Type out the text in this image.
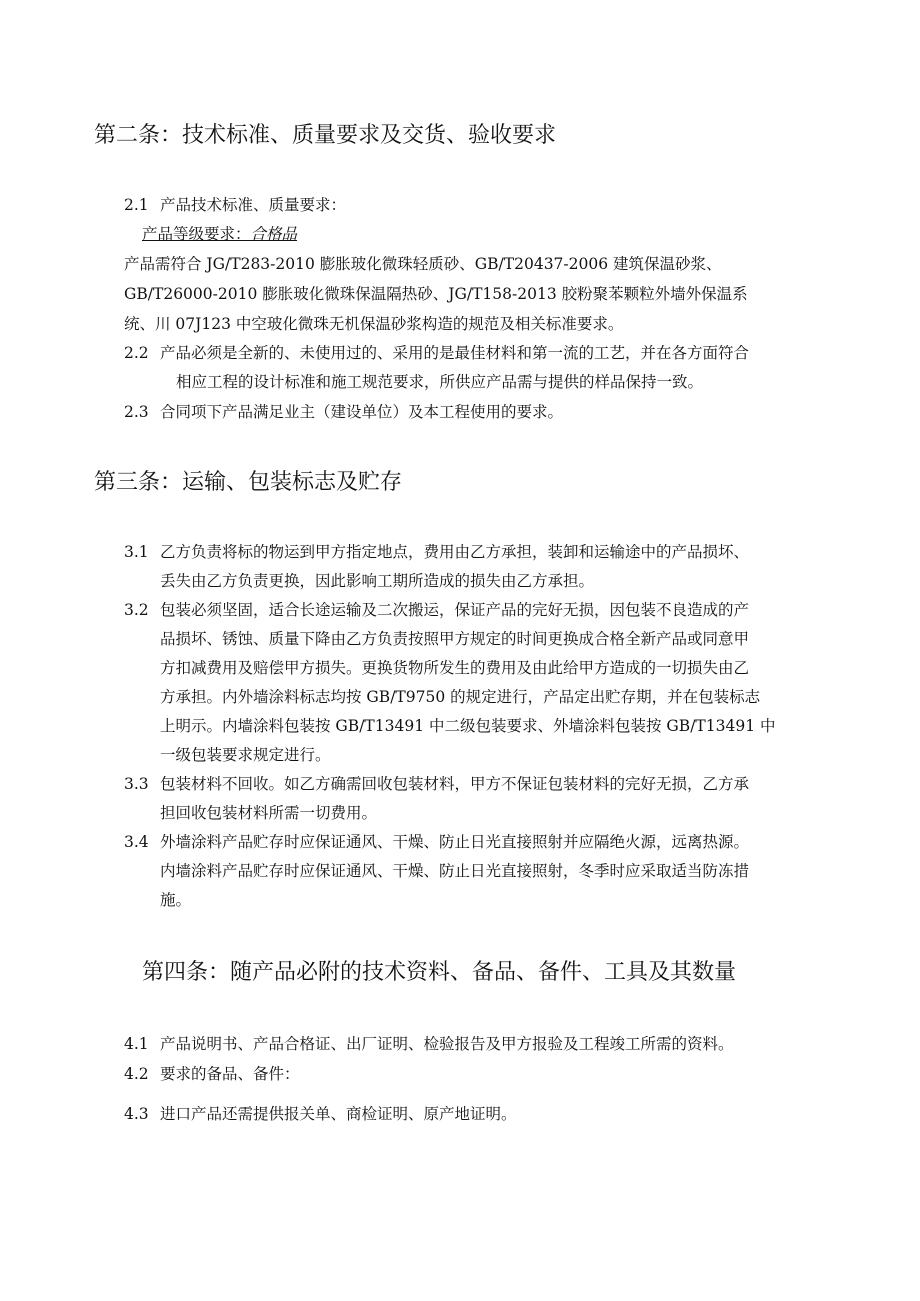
第二条：技术标准、质量要求及交货、验收要求
2.1 产品技术标准、质量要求：
产品等级要求：合格品
产品需符合 JG/T283-2010 膨胀玻化微珠轻质砂、GB/T20437-2006 建筑保温砂浆、
GB/T26000-2010 膨胀玻化微珠保温隔热砂、JG/T158-2013 胶粉聚苯颗粒外墙外保温系
统、川 07J123 中空玻化微珠无机保温砂浆构造的规范及相关标准要求。
2.2 产品必须是全新的、未使用过的、采用的是最佳材料和第一流的工艺，并在各方面符合
相应工程的设计标准和施工规范要求，所供应产品需与提供的样品保持一致。
2.3 合同项下产品满足业主（建设单位）及本工程使用的要求。
第三条：运输、包装标志及贮存
3.1 乙方负责将标的物运到甲方指定地点，费用由乙方承担，装卸和运输途中的产品损坏、
丢失由乙方负责更换，因此影响工期所造成的损失由乙方承担。
3.2 包装必须坚固，适合长途运输及二次搬运，保证产品的完好无损，因包装不良造成的产
品损坏、锈蚀、质量下降由乙方负责按照甲方规定的时间更换成合格全新产品或同意甲
方扣减费用及赔偿甲方损失。更换货物所发生的费用及由此给甲方造成的一切损失由乙
方承担。内外墙涂料标志均按 GB/T9750 的规定进行，产品定出贮存期，并在包装标志
上明示。内墙涂料包装按 GB/T13491 中二级包装要求、外墙涂料包装按 GB/T13491 中
一级包装要求规定进行。
3.3 包装材料不回收。如乙方确需回收包装材料，甲方不保证包装材料的完好无损，乙方承
担回收包装材料所需一切费用。
3.4 外墙涂料产品贮存时应保证通风、干燥、防止日光直接照射并应隔绝火源，远离热源。
内墙涂料产品贮存时应保证通风、干燥、防止日光直接照射，冬季时应采取适当防冻措
施。
第四条：随产品必附的技术资料、备品、备件、工具及其数量
4.1 产品说明书、产品合格证、出厂证明、检验报告及甲方报验及工程竣工所需的资料。
4.2 要求的备品、备件：
4.3 进口产品还需提供报关单、商检证明、原产地证明。
